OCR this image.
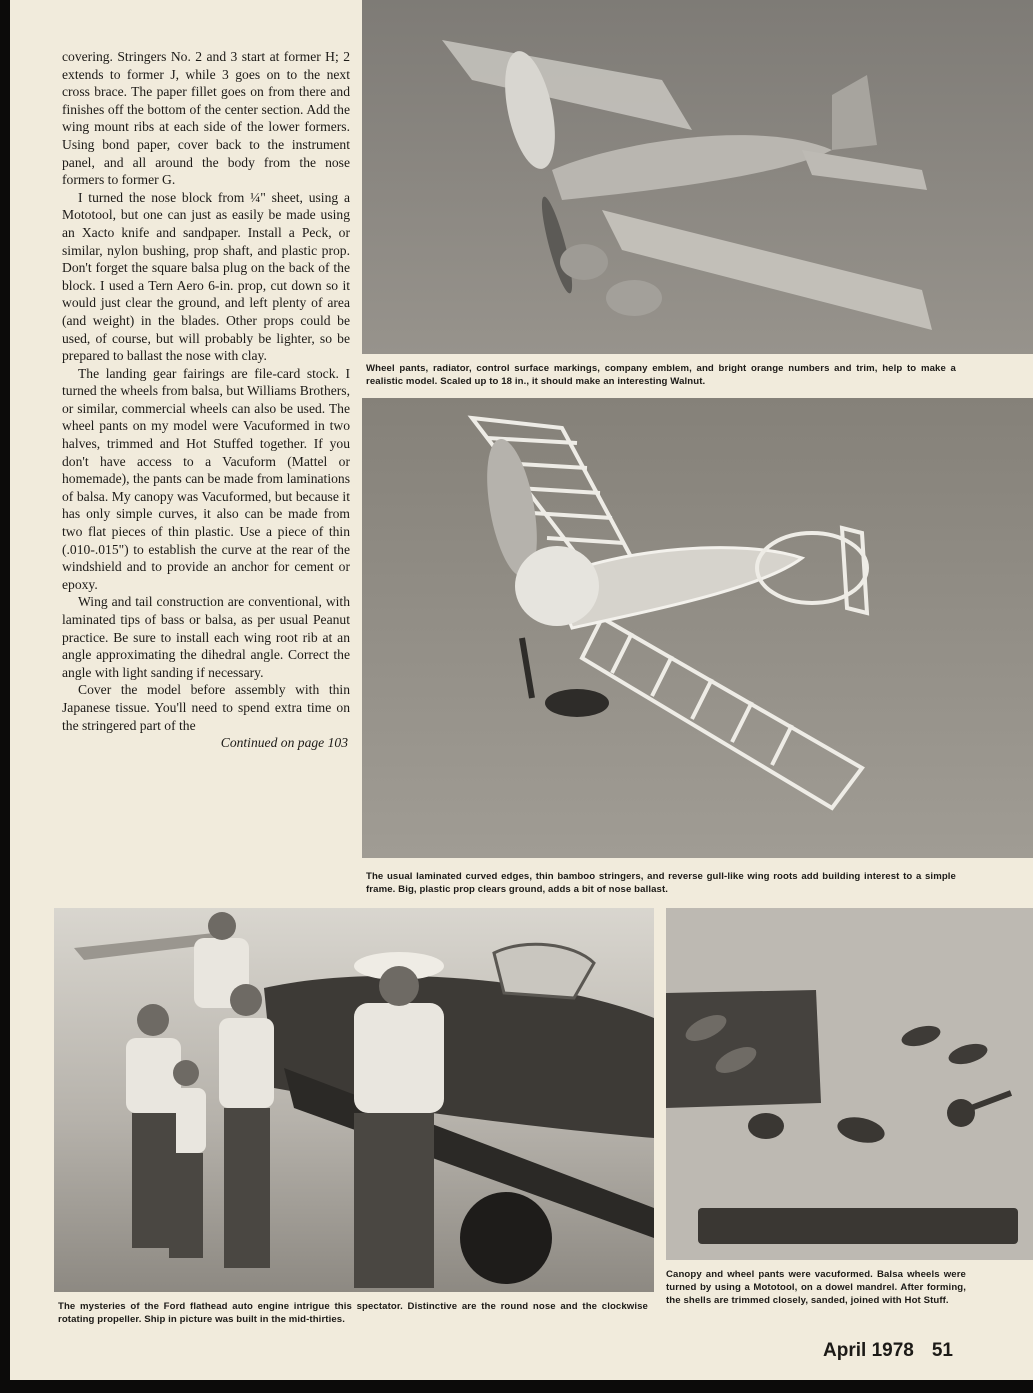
covering. Stringers No. 2 and 3 start at former H; 2 extends to former J, while 3 goes on to the next cross brace. The paper fillet goes on from there and finishes off the bottom of the center section. Add the wing mount ribs at each side of the lower formers. Using bond paper, cover back to the instrument panel, and all around the body from the nose formers to former G.

I turned the nose block from ¼" sheet, using a Mototool, but one can just as easily be made using an Xacto knife and sandpaper. Install a Peck, or similar, nylon bushing, prop shaft, and plastic prop. Don't forget the square balsa plug on the back of the block. I used a Tern Aero 6-in. prop, cut down so it would just clear the ground, and left plenty of area (and weight) in the blades. Other props could be used, of course, but will probably be lighter, so be prepared to ballast the nose with clay.

The landing gear fairings are file-card stock. I turned the wheels from balsa, but Williams Brothers, or similar, commercial wheels can also be used. The wheel pants on my model were Vacuformed in two halves, trimmed and Hot Stuffed together. If you don't have access to a Vacuform (Mattel or homemade), the pants can be made from laminations of balsa. My canopy was Vacuformed, but because it has only simple curves, it also can be made from two flat pieces of thin plastic. Use a piece of thin (.010-.015") to establish the curve at the rear of the windshield and to provide an anchor for cement or epoxy.

Wing and tail construction are conventional, with laminated tips of bass or balsa, as per usual Peanut practice. Be sure to install each wing root rib at an angle approximating the dihedral angle. Correct the angle with light sanding if necessary.

Cover the model before assembly with thin Japanese tissue. You'll need to spend extra time on the stringered part of the

Continued on page 103

Wheel pants, radiator, control surface markings, company emblem, and bright orange numbers and trim, help to make a realistic model. Scaled up to 18 in., it should make an interesting Walnut.
The usual laminated curved edges, thin bamboo stringers, and reverse gull-like wing roots add building interest to a simple frame. Big, plastic prop clears ground, adds a bit of nose ballast.
The mysteries of the Ford flathead auto engine intrigue this spectator. Distinctive are the round nose and the clockwise rotating propeller. Ship in picture was built in the mid-thirties.
Canopy and wheel pants were vacuformed. Balsa wheels were turned by using a Mototool, on a dowel mandrel. After forming, the shells are trimmed closely, sanded, joined with Hot Stuff.
April 1978 51
